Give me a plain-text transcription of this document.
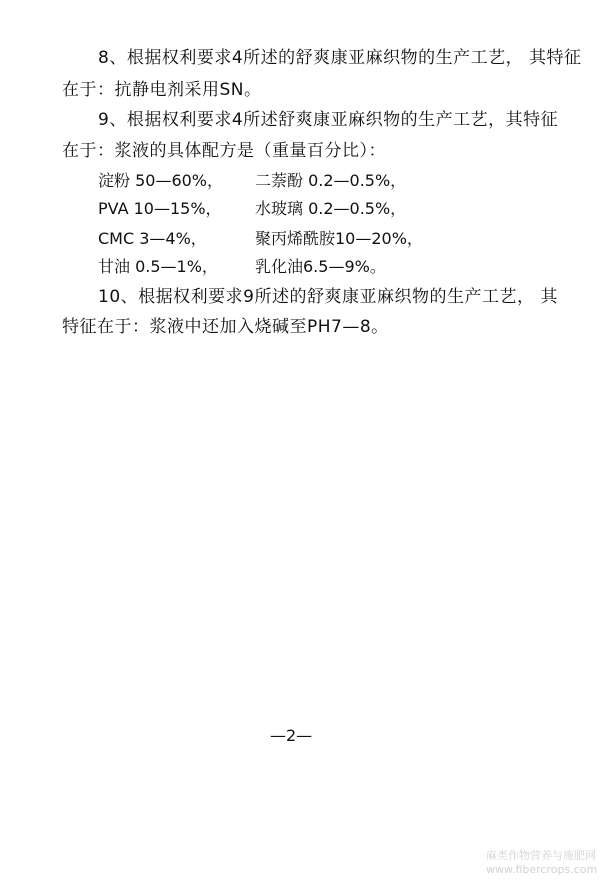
8、根据权利要求4所述的舒爽康亚麻织物的生产工艺， 其特征
在于：抗静电剂采用SN。
9、根据权利要求4所述舒爽康亚麻织物的生产工艺，其特征
在于：浆液的具体配方是（重量百分比）：
淀粉 50—60%， 二萘酚 0.2—0.5%，
PVA 10—15%， 水玻璃 0.2—0.5%，
CMC 3—4%，	聚丙烯酰胺10—20%，
甘油 0.5—1%， 乳化油6.5—9%。
10、根据权利要求9所述的舒爽康亚麻织物的生产工艺， 其
特征在于：浆液中还加入烧碱至PH7—8。
—2—
麻类作物营养与施肥网
www.fibercrops.com
